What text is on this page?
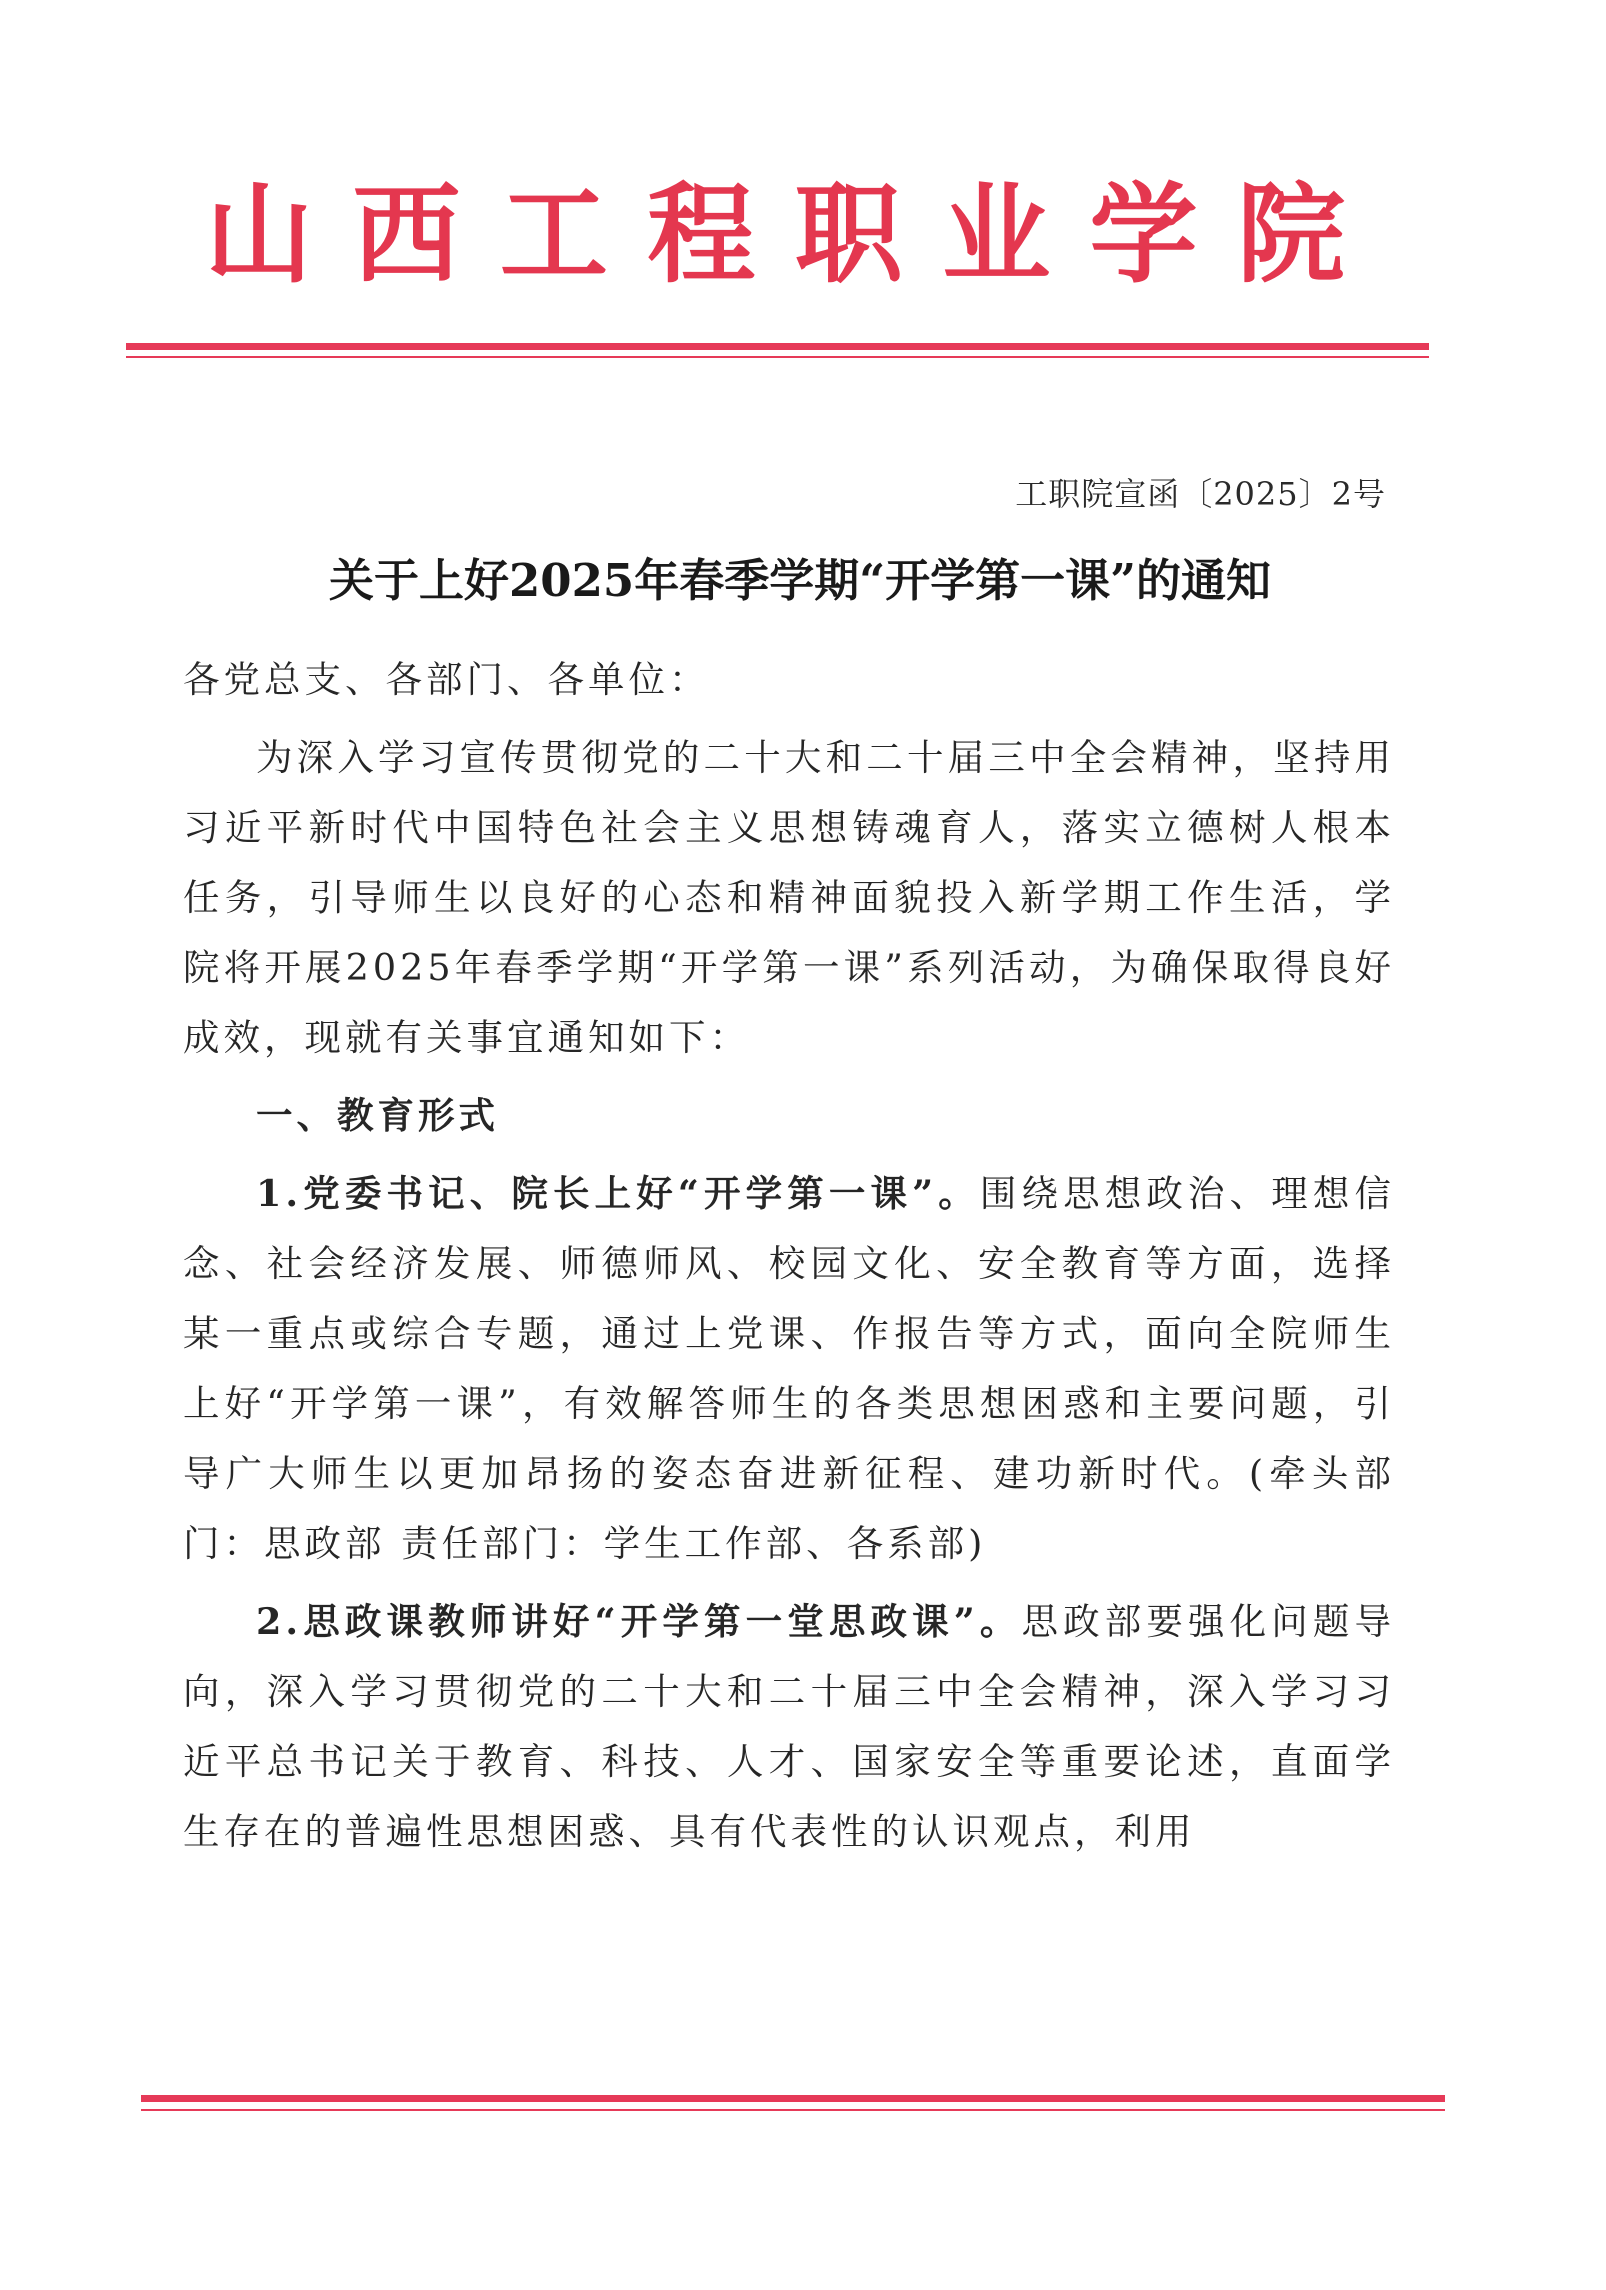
山 西 工 程 职 业 学 院

工职院宣函〔2025〕2号

关于上好2025年春季学期“开学第一课”的通知

各党总支、各部门、各单位：

为深入学习宣传贯彻党的二十大和二十届三中全会精神，坚持用习近平新时代中国特色社会主义思想铸魂育人，落实立德树人根本任务，引导师生以良好的心态和精神面貌投入新学期工作生活，学院将开展2025年春季学期“开学第一课”系列活动，为确保取得良好成效，现就有关事宜通知如下：

一、教育形式

1.党委书记、院长上好“开学第一课”。围绕思想政治、理想信念、社会经济发展、师德师风、校园文化、安全教育等方面，选择某一重点或综合专题，通过上党课、作报告等方式，面向全院师生上好“开学第一课”，有效解答师生的各类思想困惑和主要问题，引导广大师生以更加昂扬的姿态奋进新征程、建功新时代。(牵头部门：思政部 责任部门：学生工作部、各系部)

2.思政课教师讲好“开学第一堂思政课”。思政部要强化问题导向，深入学习贯彻党的二十大和二十届三中全会精神，深入学习习近平总书记关于教育、科技、人才、国家安全等重要论述，直面学生存在的普遍性思想困惑、具有代表性的认识观点，利用
